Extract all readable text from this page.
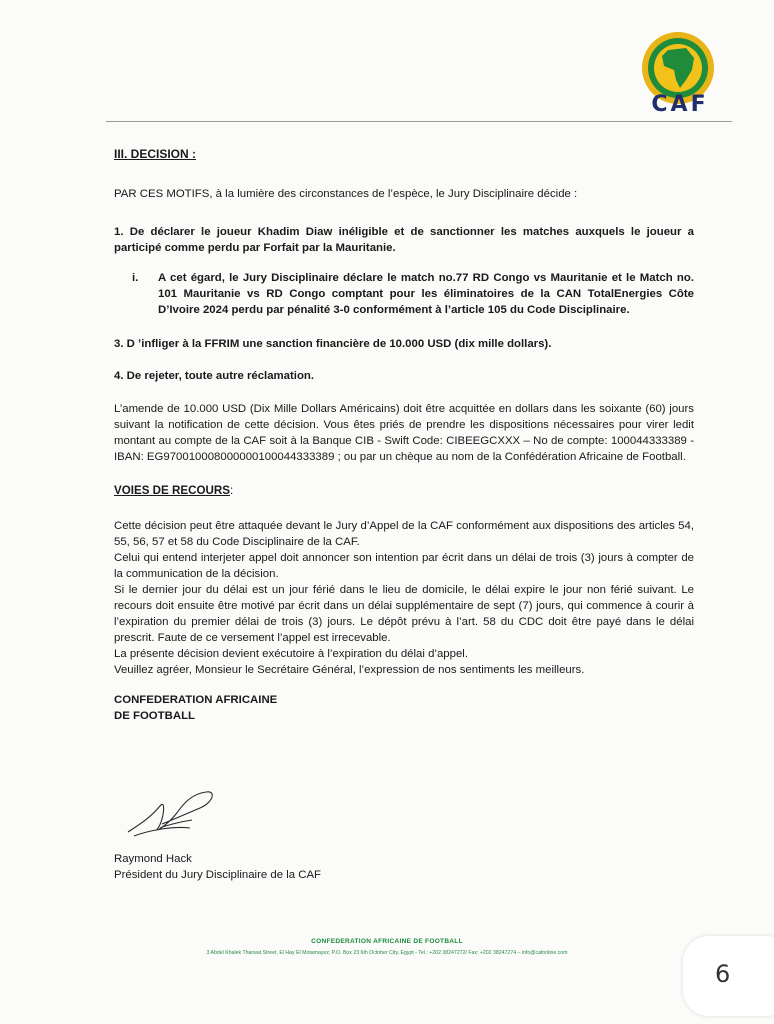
CAF

III. DECISION :

PAR CES MOTIFS, à la lumière des circonstances de l’espèce, le Jury Disciplinaire décide :

1. De déclarer le joueur Khadim Diaw inéligible et de sanctionner les matches auxquels le joueur a participé comme perdu par Forfait par la Mauritanie.

i.	A cet égard, le Jury Disciplinaire déclare le match no.77 RD Congo vs Mauritanie et le Match no. 101 Mauritanie vs RD Congo comptant pour les éliminatoires de la CAN TotalEnergies Côte D’Ivoire 2024 perdu par pénalité 3-0 conformément à l’article 105 du Code Disciplinaire.

3. D ’infliger à la FFRIM une sanction financière de 10.000 USD (dix mille dollars).

4. De rejeter, toute autre réclamation.

L’amende de 10.000 USD (Dix Mille Dollars Américains) doit être acquittée en dollars dans les soixante (60) jours suivant la notification de cette décision. Vous êtes priés de prendre les dispositions nécessaires pour virer ledit montant au compte de la CAF soit à la Banque CIB - Swift Code: CIBEEGCXXX – No de compte: 100044333389 - IBAN: EG970010008000000100044333389 ; ou par un chèque au nom de la Confédération Africaine de Football.

VOIES DE RECOURS:

Cette décision peut être attaquée devant le Jury d’Appel de la CAF conformément aux dispositions des articles 54, 55, 56, 57 et 58 du Code Disciplinaire de la CAF.

Celui qui entend interjeter appel doit annoncer son intention par écrit dans un délai de trois (3) jours à compter de la communication de la décision.

Si le dernier jour du délai est un jour férié dans le lieu de domicile, le délai expire le jour non férié suivant. Le recours doit ensuite être motivé par écrit dans un délai supplémentaire de sept (7) jours, qui commence à courir à l’expiration du premier délai de trois (3) jours. Le dépôt prévu à l’art. 58 du CDC doit être payé dans le délai prescrit. Faute de ce versement l’appel est irrecevable.

La présente décision devient exécutoire à l’expiration du délai d’appel.

Veuillez agréer, Monsieur le Secrétaire Général, l’expression de nos sentiments les meilleurs.

CONFEDERATION AFRICAINE
DE FOOTBALL
Raymond Hack
Président du Jury Disciplinaire de la CAF
CONFEDERATION AFRICAINE DE FOOTBALL
3 Abdel Khalek Tharwat Street, El Hay El Motamayez, P.O. Box 23 6th October City, Egypt - Tel.: +202 38247272/ Fax: +202 38247274 – info@cafonline.com
6
